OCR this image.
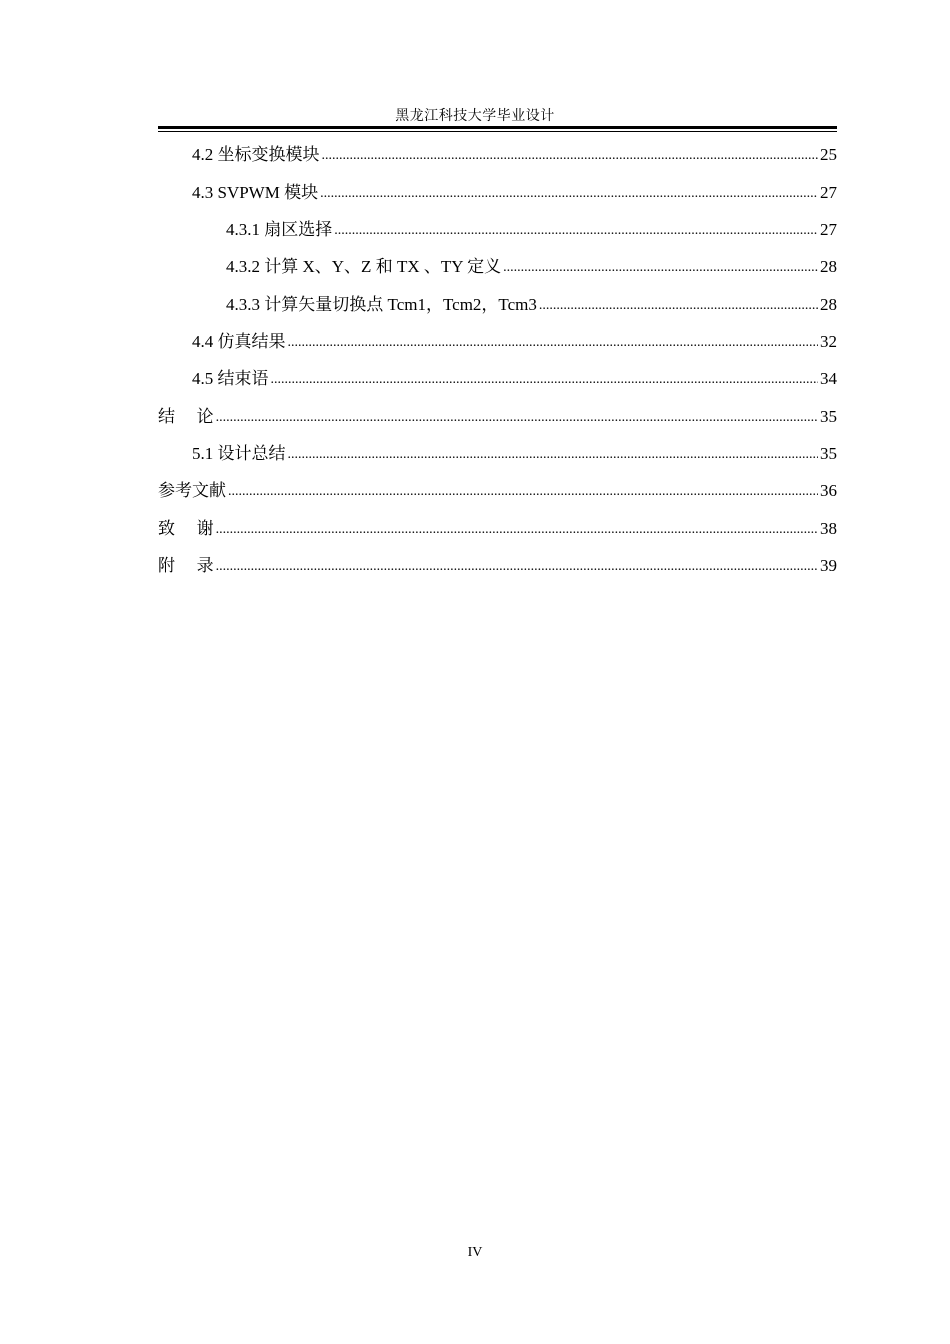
黑龙江科技大学毕业设计
4.2 坐标变换模块 .....	25
4.3 SVPWM 模块 .....	27
4.3.1 扇区选择 .....	27
4.3.2 计算 X、Y、Z 和 TX 、TY 定义 .....	28
4.3.3 计算矢量切换点 Tcm1，Tcm2，Tcm3 .....	28
4.4 仿真结果 .....	32
4.5 结束语 .....	34
结    论 .....	35
5.1 设计总结 .....	35
参考文献 .....	36
致    谢 .....	38
附    录 .....	39
IV
